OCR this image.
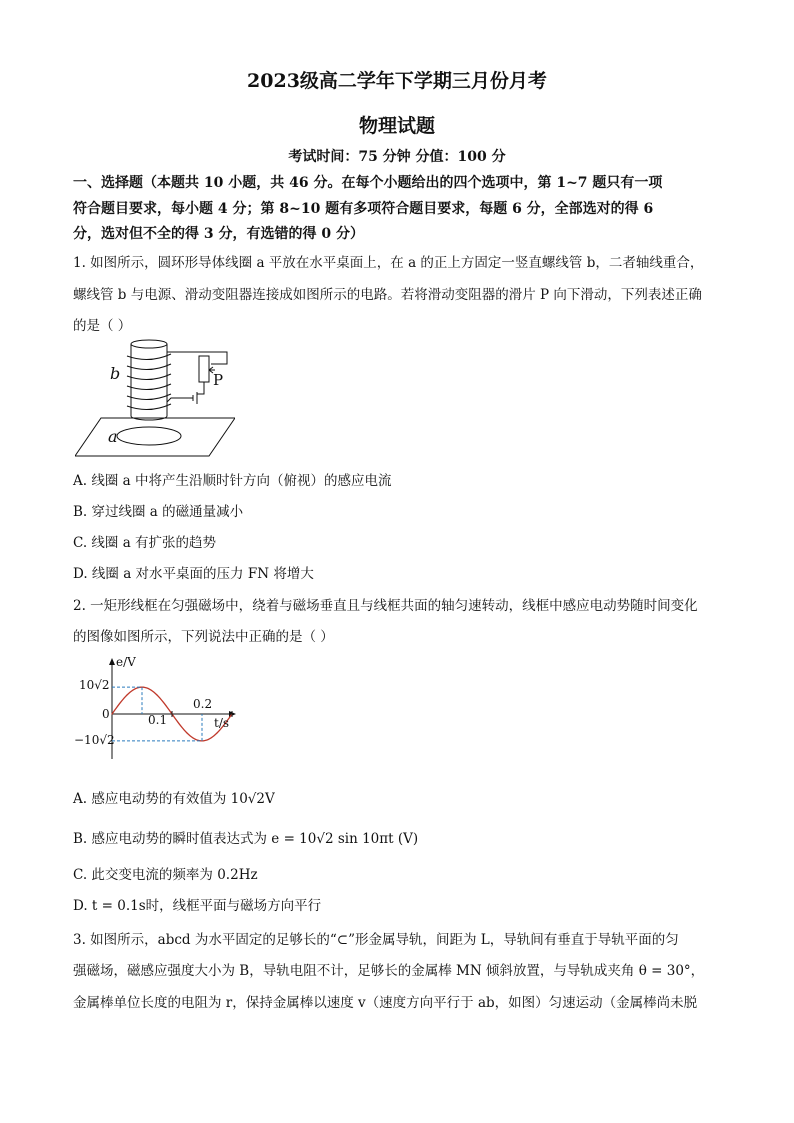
2023级高二学年下学期三月份月考
物理试题
考试时间：75 分钟 分值：100 分
一、选择题（本题共 10 小题，共 46 分。在每个小题给出的四个选项中，第 1~7 题只有一项
符合题目要求，每小题 4 分；第 8~10 题有多项符合题目要求，每题 6 分，全部选对的得 6
分，选对但不全的得 3 分，有选错的得 0 分）
1. 如图所示，圆环形导体线圈 a 平放在水平桌面上，在 a 的正上方固定一竖直螺线管 b，二者轴线重合，
螺线管 b 与电源、滑动变阻器连接成如图所示的电路。若将滑动变阻器的滑片 P 向下滑动，下列表述正确
的是（ ）
b	P
a
A. 线圈 a 中将产生沿顺时针方向（俯视）的感应电流
B. 穿过线圈 a 的磁通量减小
C. 线圈 a 有扩张的趋势
D. 线圈 a 对水平桌面的压力 FN 将增大
2. 一矩形线框在匀强磁场中，绕着与磁场垂直且与线框共面的轴匀速转动，线框中感应电动势随时间变化
的图像如图所示，下列说法中正确的是（ ）
e/V
t/s
10√2
0
−10√2
0.1
0.2
A. 感应电动势的有效值为 10√2V
B. 感应电动势的瞬时值表达式为 e = 10√2 sin 10πt (V)
C. 此交变电流的频率为 0.2Hz
D. t = 0.1s时，线框平面与磁场方向平行
3. 如图所示，abcd 为水平固定的足够长的“⊂”形金属导轨，间距为 L，导轨间有垂直于导轨平面的匀
强磁场，磁感应强度大小为 B，导轨电阻不计，足够长的金属棒 MN 倾斜放置，与导轨成夹角 θ = 30°，
金属棒单位长度的电阻为 r，保持金属棒以速度 v（速度方向平行于 ab，如图）匀速运动（金属棒尚未脱
